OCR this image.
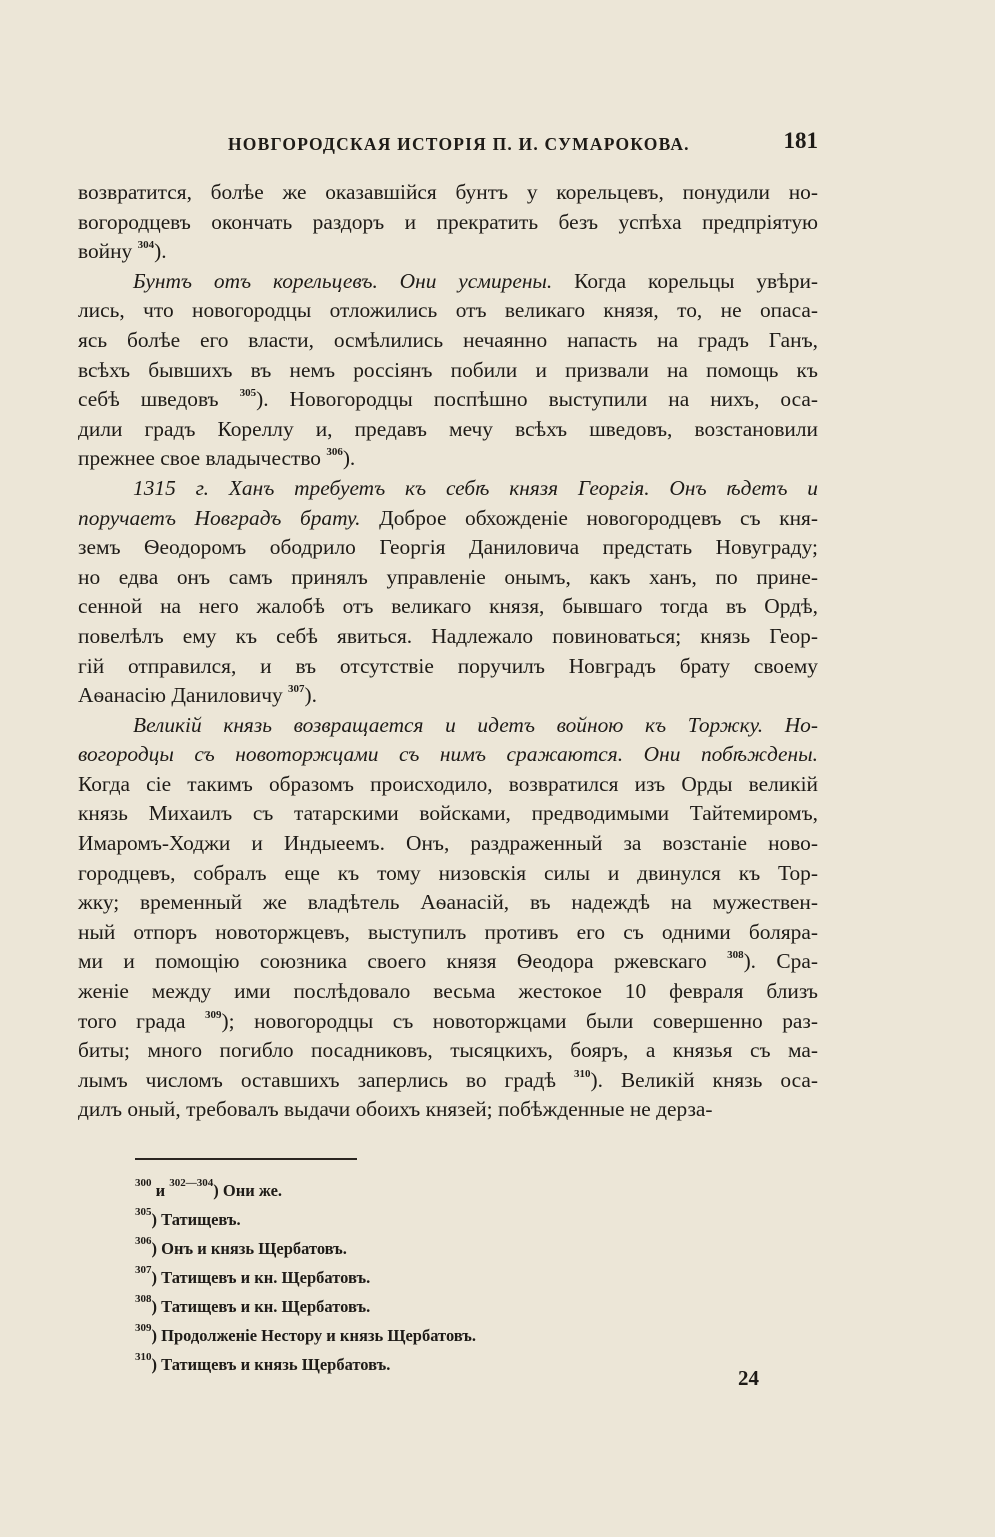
НОВГОРОДСКАЯ ИСТОРІЯ П. И. СУМАРОКОВА.	181
возвратится, болѣе же оказавшійся бунтъ у корельцевъ, понудили но-
вогородцевъ окончать раздоръ и прекратить безъ успѣха предпріятую
войну $^{304}$).
Бунтъ отъ корельцевъ. Они усмирены. Когда корельцы увѣри-
лись, что новогородцы отложились отъ великаго князя, то, не опаса-
ясь болѣе его власти, осмѣлились нечаянно напасть на градъ Ганъ,
всѣхъ бывшихъ въ немъ россіянъ побили и призвали на помощь къ
себѣ шведовъ $^{305}$). Новогородцы поспѣшно выступили на нихъ, оса-
дили градъ Кореллу и, предавъ мечу всѣхъ шведовъ, возстановили
прежнее свое владычество $^{306}$).
1315 г. Ханъ требуетъ къ себѣ князя Георгія. Онъ ѣдетъ и
поручаетъ Новградъ брату. Доброе обхожденіе новогородцевъ съ кня-
земъ Ѳеодоромъ ободрило Георгія Даниловича предстать Новуграду;
но едва онъ самъ принялъ управленіе онымъ, какъ ханъ, по прине-
сенной на него жалобѣ отъ великаго князя, бывшаго тогда въ Ордѣ,
повелѣлъ ему къ себѣ явиться. Надлежало повиноваться; князь Геор-
гій отправился, и въ отсутствіе поручилъ Новградъ брату своему
Аѳанасію Даниловичу $^{307}$).
Великій князь возвращается и идетъ войною къ Торжку. Но-
вогородцы съ новоторжцами съ нимъ сражаются. Они побѣждены.
Когда сіе такимъ образомъ происходило, возвратился изъ Орды великій
князь Михаилъ съ татарскими войсками, предводимыми Тайтемиромъ,
Имаромъ-Ходжи и Индыеемъ. Онъ, раздраженный за возстаніе ново-
городцевъ, собралъ еще къ тому низовскія силы и двинулся къ Тор-
жку; временный же владѣтель Аѳанасій, въ надеждѣ на мужествен-
ный отпоръ новоторжцевъ, выступилъ противъ его съ одними боляра-
ми и помощію союзника своего князя Ѳеодора ржевскаго $^{308}$). Сра-
женіе между ими послѣдовало весьма жестокое 10 февраля близъ
того града $^{309}$); новогородцы съ новоторжцами были совершенно раз-
биты; много погибло посадниковъ, тысяцкихъ, бояръ, а князья съ ма-
лымъ числомъ оставшихъ заперлись во градѣ $^{310}$). Великій князь оса-
дилъ оный, требовалъ выдачи обоихъ князей; побѣжденные не дерза-
$^{300}$ и $^{302—304}$) Они же.
$^{305}$) Татищевъ.
$^{306}$) Онъ и князь Щербатовъ.
$^{307}$) Татищевъ и кн. Щербатовъ.
$^{308}$) Татищевъ и кн. Щербатовъ.
$^{309}$) Продолженіе Нестору и князь Щербатовъ.
$^{310}$) Татищевъ и князь Щербатовъ.
24
